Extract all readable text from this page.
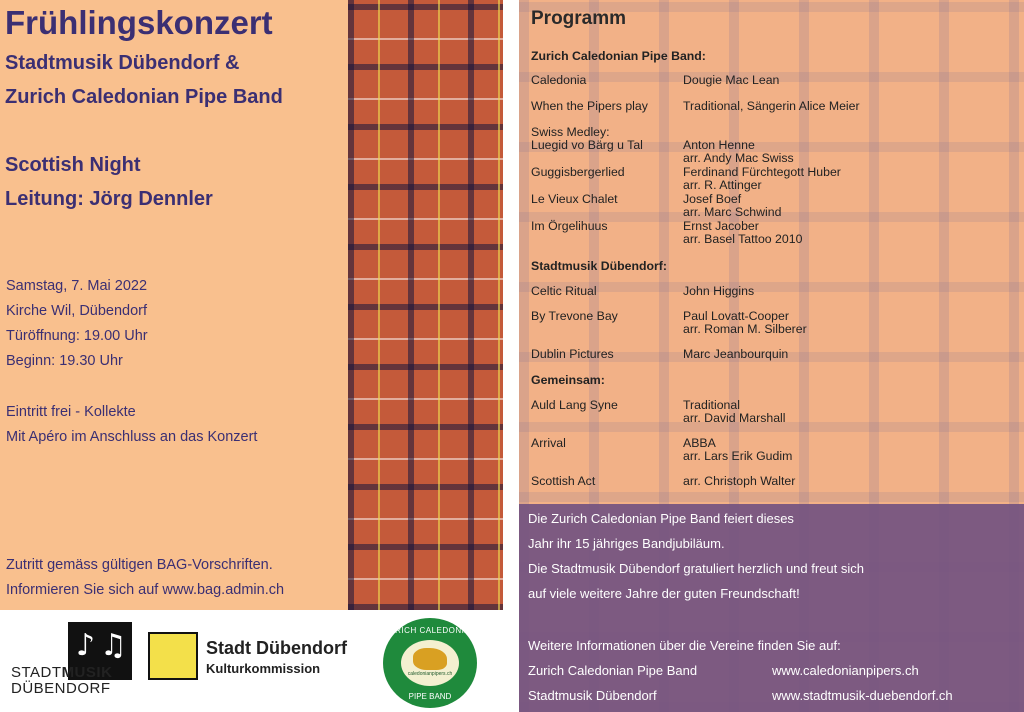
Frühlingskonzert
Stadtmusik Dübendorf &
Zurich Caledonian Pipe Band
Scottish Night
Leitung: Jörg Dennler
Samstag, 7. Mai 2022
Kirche Wil, Dübendorf
Türöffnung: 19.00 Uhr
Beginn: 19.30 Uhr
Eintritt frei - Kollekte
Mit Apéro im Anschluss an das Konzert
Zutritt gemäss gültigen BAG-Vorschriften.
Informieren Sie sich auf www.bag.admin.ch
Programm
Zurich Caledonian Pipe Band:
Caledonia	Dougie Mac Lean
When the Pipers play	Traditional, Sängerin Alice Meier
Swiss Medley:
Luegid vo Bärg u Tal	Anton Henne
arr. Andy Mac Swiss
Guggisbergerlied	Ferdinand Fürchtegott Huber
arr. R. Attinger
Le Vieux Chalet	Josef Boef
arr. Marc Schwind
Im Örgelihuus	Ernst Jacober
arr. Basel Tattoo 2010
Stadtmusik Dübendorf:
Celtic Ritual	John Higgins
By Trevone Bay	Paul Lovatt-Cooper
arr. Roman M. Silberer
Dublin Pictures	Marc Jeanbourquin
Gemeinsam:
Auld Lang Syne	Traditional
arr. David Marshall
Arrival	ABBA
arr. Lars Erik Gudim
Scottish Act	arr. Christoph Walter
Die Zurich Caledonian Pipe Band feiert dieses
Jahr ihr 15 jähriges Bandjubiläum.
Die Stadtmusik Dübendorf gratuliert herzlich und freut sich
auf viele weitere Jahre der guten Freundschaft!
Weitere Informationen über die Vereine finden Sie auf:
Zurich Caledonian Pipe Band	www.caledonianpipers.ch
Stadtmusik Dübendorf	www.stadtmusik-duebendorf.ch
♪ ♫
STADTMUSIK
DÜBENDORF
Stadt Dübendorf
Kulturkommission
ZURICH CALEDONIAN
caledonianpipers.ch
PIPE BAND
